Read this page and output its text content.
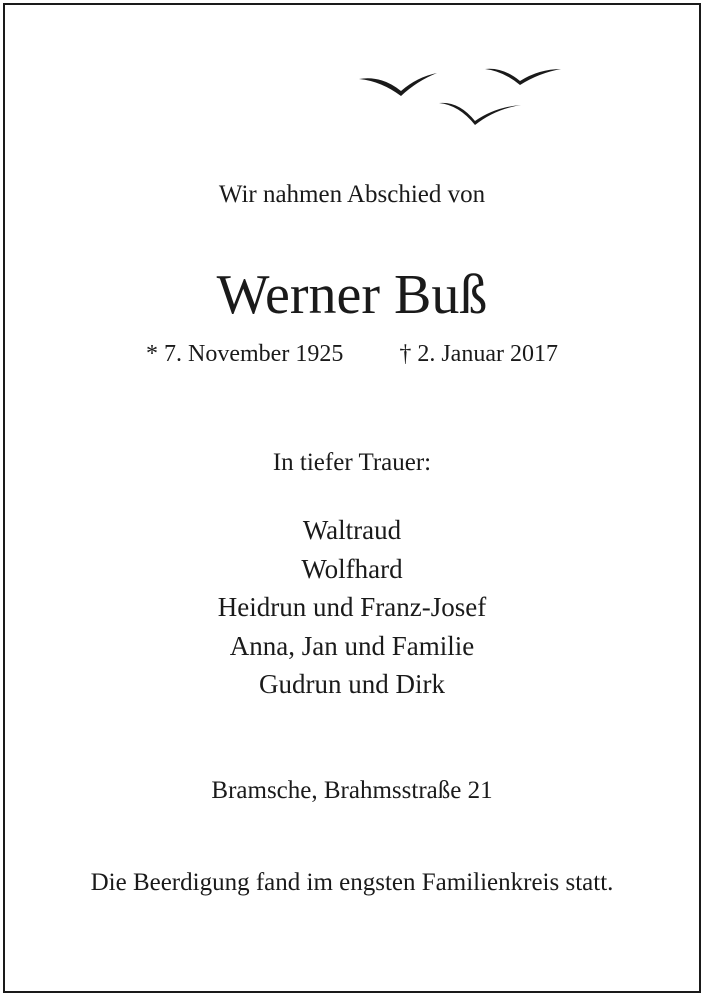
Wir nahmen Abschied von
Werner Buß
* 7. November 1925 † 2. Januar 2017
In tiefer Trauer:
Waltraud
Wolfhard
Heidrun und Franz-Josef
Anna, Jan und Familie
Gudrun und Dirk
Bramsche, Brahmsstraße 21
Die Beerdigung fand im engsten Familienkreis statt.
